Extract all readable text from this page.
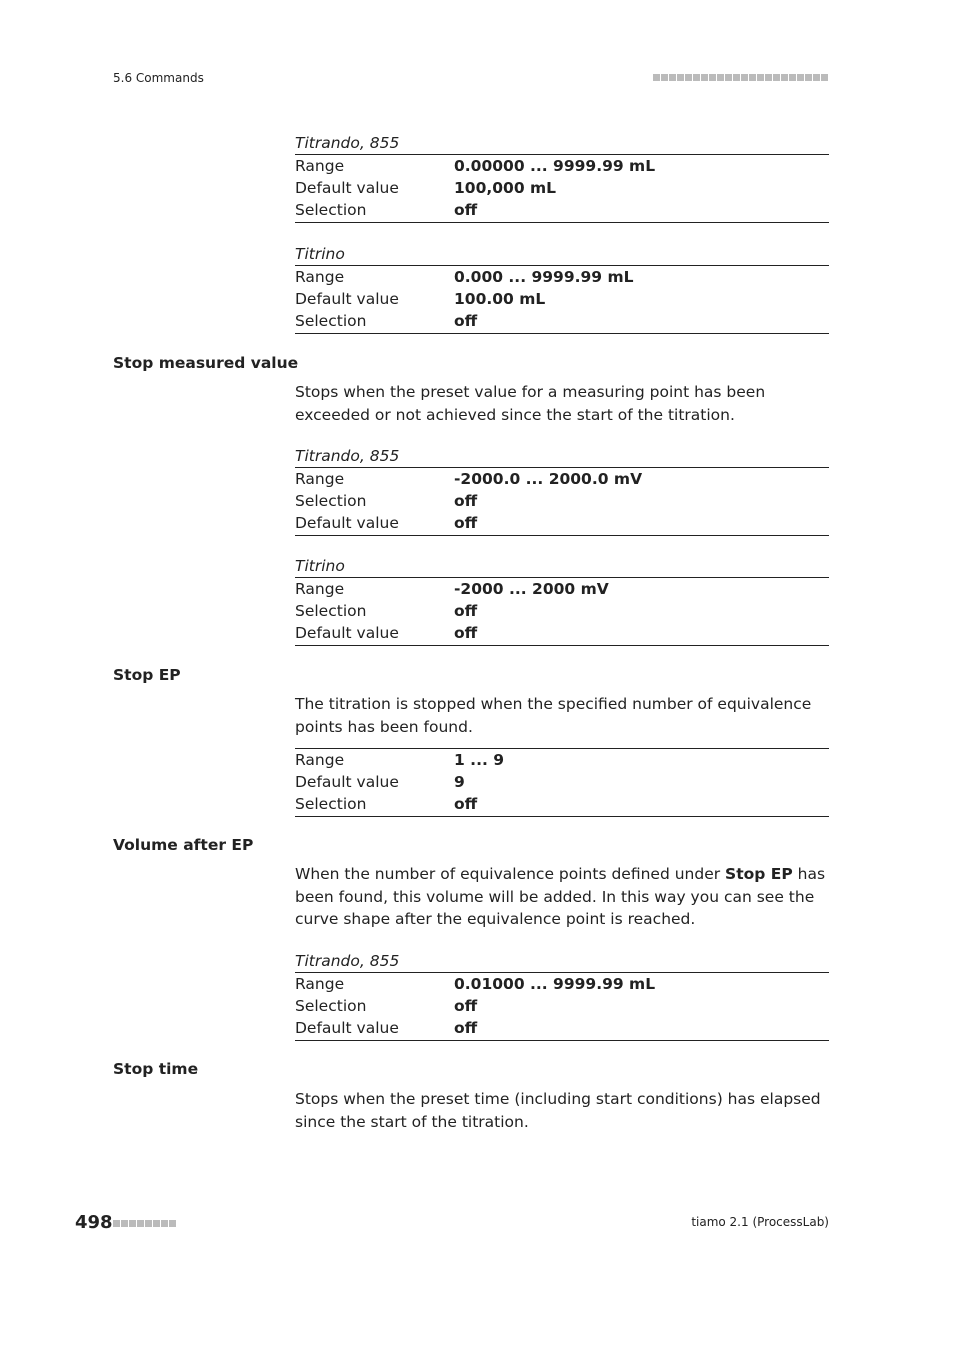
5.6 Commands
Titrando, 855
Range	0.00000 ... 9999.99 mL
Default value	100,000 mL
Selection	off
Titrino
Range	0.000 ... 9999.99 mL
Default value	100.00 mL
Selection	off
Stop measured value
Stops when the preset value for a measuring point has been exceeded or not achieved since the start of the titration.
Titrando, 855
Range	-2000.0 ... 2000.0 mV
Selection	off
Default value	off
Titrino
Range	-2000 ... 2000 mV
Selection	off
Default value	off
Stop EP
The titration is stopped when the specified number of equivalence points has been found.
Range	1 ... 9
Default value	9
Selection	off
Volume after EP
When the number of equivalence points defined under Stop EP has been found, this volume will be added. In this way you can see the curve shape after the equivalence point is reached.
Titrando, 855
Range	0.01000 ... 9999.99 mL
Selection	off
Default value	off
Stop time
Stops when the preset time (including start conditions) has elapsed since the start of the titration.
498	tiamo 2.1 (ProcessLab)
